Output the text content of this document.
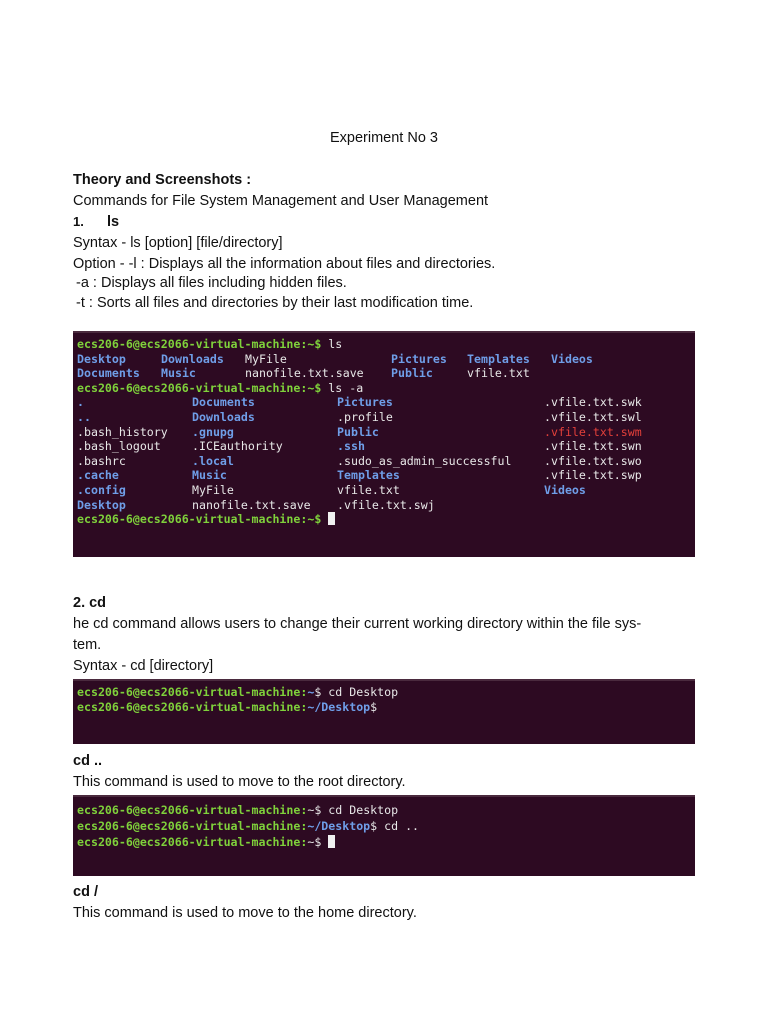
Experiment No 3
Theory and Screenshots :
Commands for File System Management and User Management
1. ls
Syntax - ls [option] [file/directory]
Option - -l : Displays all the information about files and directories.
-a : Displays all files including hidden files.
-t : Sorts all files and directories by their last modification time.
ecs206-6@ecs2066-virtual-machine:~$ ls
Desktop	Downloads MyFile	Pictures Templates Videos
Documents Music	nanofile.txt.save Public	vfile.txt
ecs206-6@ecs2066-virtual-machine:~$ ls -a
.	Documents	Pictures	.vfile.txt.swk
..	Downloads	.profile	.vfile.txt.swl
.bash_history .gnupg	Public	.vfile.txt.swm
.bash_logout	.ICEauthority	.ssh	.vfile.txt.swn
.bashrc	.local	.sudo_as_admin_successful	.vfile.txt.swo
.cache	Music	Templates	.vfile.txt.swp
.config	MyFile	vfile.txt	Videos
Desktop	nanofile.txt.save .vfile.txt.swj
ecs206-6@ecs2066-virtual-machine:~$
2. cd
he cd command allows users to change their current working directory within the file sys-
tem.
Syntax - cd [directory]
ecs206-6@ecs2066-virtual-machine:~$ cd Desktop
ecs206-6@ecs2066-virtual-machine:~/Desktop$
cd ..
This command is used to move to the root directory.
ecs206-6@ecs2066-virtual-machine:~$ cd Desktop
ecs206-6@ecs2066-virtual-machine:~/Desktop$ cd ..
ecs206-6@ecs2066-virtual-machine:~$
cd /
This command is used to move to the home directory.
